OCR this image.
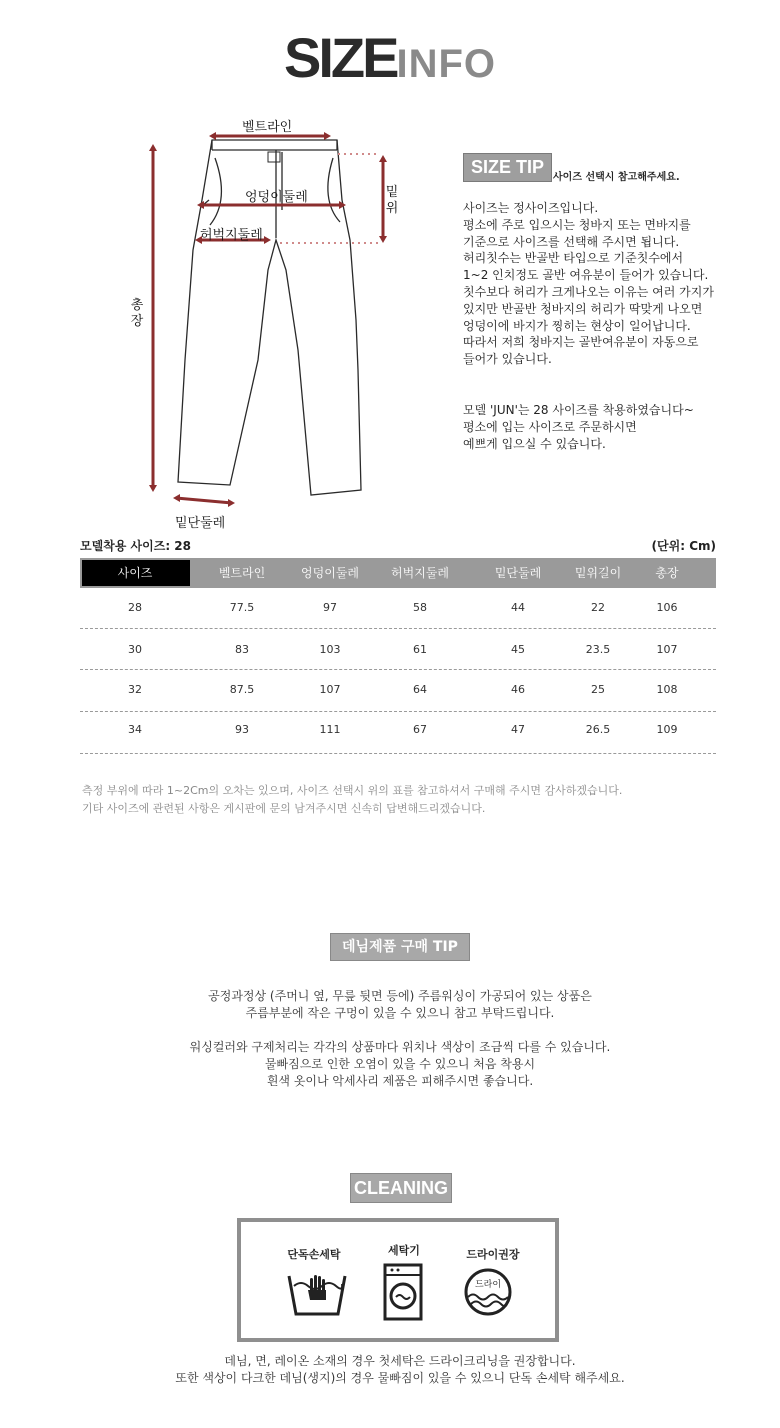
SIZEINFO
벨트라인
엉덩이둘레
허벅지둘레
밑
위
총
장
밑단둘레
SIZE TIP
사이즈 선택시 참고해주세요.

사이즈는 정사이즈입니다.

평소에 주로 입으시는 청바지 또는 면바지를

기준으로 사이즈를 선택해 주시면 됩니다.

허리칫수는 반골반 타입으로 기준칫수에서

1~2 인치정도 골반 여유분이 들어가 있습니다.

칫수보다 허리가 크게나오는 이유는 여러 가지가

있지만 반골반 청바지의 허리가 딱맞게 나오면

엉덩이에 바지가 찡히는 현상이 일어납니다.

따라서 저희 청바지는 골반여유분이 자동으로

들어가 있습니다.

모델 'JUN'는 28 사이즈를 착용하였습니다~

평소에 입는 사이즈로 주문하시면

예쁘게 입으실 수 있습니다.

모델착용 사이즈: 28	(단위: Cm)
사이즈	벨트라인	엉덩이둘레	허벅지둘레	밑단둘레	밑위길이	총장
28	77.5	97	58	44	22	106
30	83	103	61	45	23.5	107
32	87.5	107	64	46	25	108
34	93	111	67	47	26.5	109

측정 부위에 따라 1~2Cm의 오차는 있으며, 사이즈 선택시 위의 표를 참고하셔서 구매해 주시면 감사하겠습니다.

기타 사이즈에 관련된 사항은 게시판에 문의 남겨주시면 신속히 답변해드리겠습니다.

데님제품 구매 TIP

공정과정상 (주머니 옆, 무릎 뒷면 등에) 주름워싱이 가공되어 있는 상품은

주름부분에 작은 구멍이 있을 수 있으니 참고 부탁드립니다.

워싱컬러와 구제처리는 각각의 상품마다 위치나 색상이 조금씩 다를 수 있습니다.

물빠짐으로 인한 오염이 있을 수 있으니 처음 착용시

흰색 옷이나 악세사리 제품은 피해주시면 좋습니다.

CLEANING
단독손세탁	세탁기	드라이권장
드라이

데님, 면, 레이온 소재의 경우 첫세탁은 드라이크리닝을 권장합니다.

또한 색상이 다크한 데님(생지)의 경우 물빠짐이 있을 수 있으니 단독 손세탁 해주세요.
